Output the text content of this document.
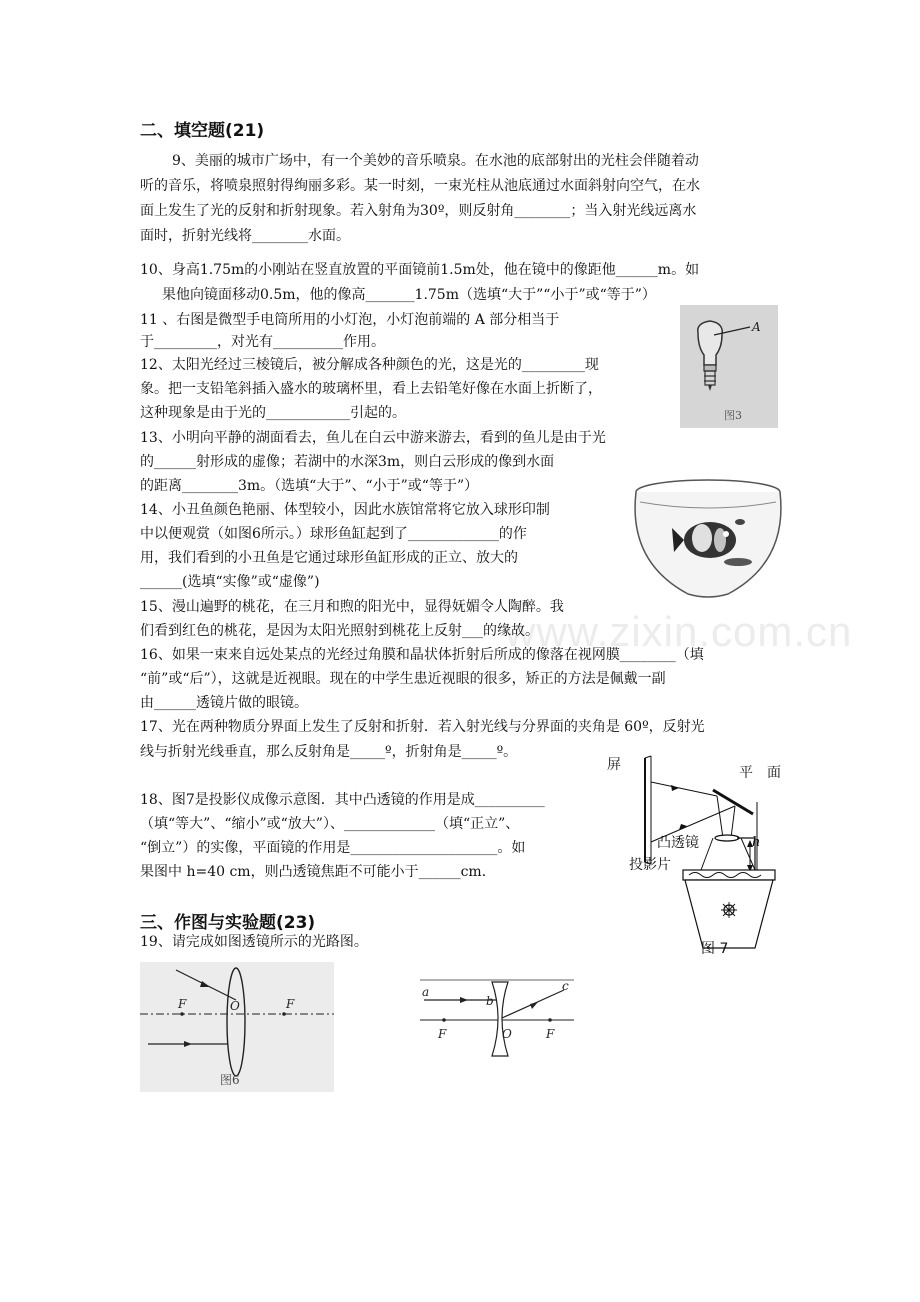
www.zixin.com.cn
二、填空题(21)
9、美丽的城市广场中，有一个美妙的音乐喷泉。在水池的底部射出的光柱会伴随着动
听的音乐，将喷泉照射得绚丽多彩。某一时刻，一束光柱从池底通过水面斜射向空气，在水
面上发生了光的反射和折射现象。若入射角为30º，则反射角________；当入射光线远离水
面时，折射光线将________水面。
10、身高1.75m的小刚站在竖直放置的平面镜前1.5m处，他在镜中的像距他______m。如
果他向镜面移动0.5m，他的像高_______1.75m（选填“大于”“小于”或“等于”）
11 、右图是微型手电筒所用的小灯泡，小灯泡前端的 A 部分相当于
于_________，对光有__________作用。
12、太阳光经过三棱镜后，被分解成各种颜色的光，这是光的_________现
象。把一支铅笔斜插入盛水的玻璃杯里，看上去铅笔好像在水面上折断了，
这种现象是由于光的____________引起的。
13、小明向平静的湖面看去，鱼儿在白云中游来游去，看到的鱼儿是由于光
的______射形成的虚像；若湖中的水深3m，则白云形成的像到水面
的距离________3m。（选填“大于”、“小于”或“等于”）
14、小丑鱼颜色艳丽、体型较小，因此水族馆常将它放入球形印制
中以便观赏（如图6所示。）球形鱼缸起到了_____________的作
用，我们看到的小丑鱼是它通过球形鱼缸形成的正立、放大的
______(选填“实像”或“虚像”)
15、漫山遍野的桃花，在三月和煦的阳光中，显得妩媚令人陶醉。我
们看到红色的桃花，是因为太阳光照射到桃花上反射___的缘故。
16、如果一束来自远处某点的光经过角膜和晶状体折射后所成的像落在视网膜________（填
“前”或“后”），这就是近视眼。现在的中学生患近视眼的很多，矫正的方法是佩戴一副
由______透镜片做的眼镜。
17、光在两种物质分界面上发生了反射和折射．若入射光线与分界面的夹角是 60º，反射光
线与折射光线垂直，那么反射角是_____º，折射角是_____º。
18、图7是投影仪成像示意图．其中凸透镜的作用是成__________
（填“等大”、“缩小”或“放大”）、_____________（填“正立”、
“倒立”）的实像，平面镜的作用是_____________________。如
果图中 h=40 cm，则凸透镜焦距不可能小于______cm．
三、作图与实验题(23)
19、请完成如图透镜所示的光路图。
A
图3
h
屏	平　面
凸透镜
投影片
图 7
F	O	F
图6
a
b
c
F	O	F
